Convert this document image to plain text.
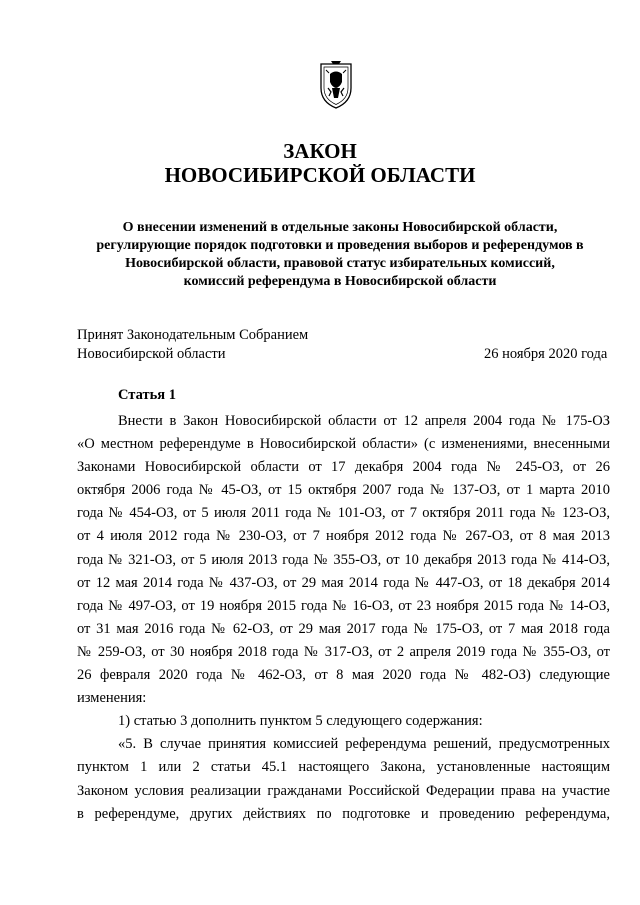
ЗАКОН
НОВОСИБИРСКОЙ ОБЛАСТИ
О внесении изменений в отдельные законы Новосибирской области,
регулирующие порядок подготовки и проведения выборов и референдумов в
Новосибирской области, правовой статус избирательных комиссий,
комиссий референдума в Новосибирской области
Принят Законодательным Собранием
Новосибирской области	26 ноября 2020 года
Статья 1
Внести в Закон Новосибирской области от 12 апреля 2004 года № 175-ОЗ
«О местном референдуме в Новосибирской области» (с изменениями, внесенными
Законами Новосибирской области от 17 декабря 2004 года № 245-ОЗ, от 26
октября 2006 года № 45-ОЗ, от 15 октября 2007 года № 137-ОЗ, от 1 марта 2010
года № 454-ОЗ, от 5 июля 2011 года № 101-ОЗ, от 7 октября 2011 года № 123-ОЗ,
от 4 июля 2012 года № 230-ОЗ, от 7 ноября 2012 года № 267-ОЗ, от 8 мая 2013
года № 321-ОЗ, от 5 июля 2013 года № 355-ОЗ, от 10 декабря 2013 года № 414-ОЗ,
от 12 мая 2014 года № 437-ОЗ, от 29 мая 2014 года № 447-ОЗ, от 18 декабря 2014
года № 497-ОЗ, от 19 ноября 2015 года № 16-ОЗ, от 23 ноября 2015 года № 14-ОЗ,
от 31 мая 2016 года № 62-ОЗ, от 29 мая 2017 года № 175-ОЗ, от 7 мая 2018 года
№ 259-ОЗ, от 30 ноября 2018 года № 317-ОЗ, от 2 апреля 2019 года № 355-ОЗ, от
26 февраля 2020 года № 462-ОЗ, от 8 мая 2020 года № 482-ОЗ) следующие
изменения:
1) статью 3 дополнить пунктом 5 следующего содержания:
«5. В случае принятия комиссией референдума решений, предусмотренных
пунктом 1 или 2 статьи 45.1 настоящего Закона, установленные настоящим
Законом условия реализации гражданами Российской Федерации права на участие
в референдуме, других действиях по подготовке и проведению референдума,
